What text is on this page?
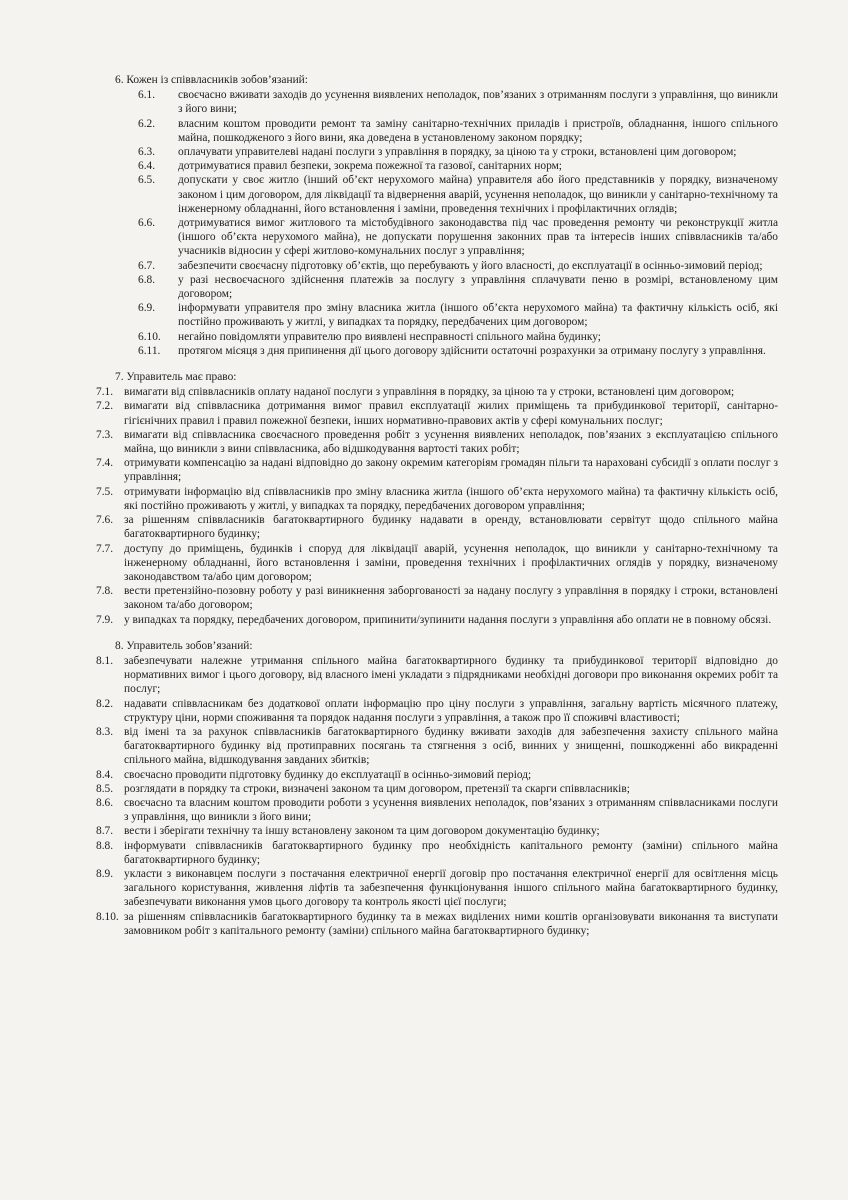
6. Кожен із співвласників зобов’язаний:
6.1.	своєчасно вживати заходів до усунення виявлених неполадок, пов’язаних з отриманням послуги з управління, що виникли з його вини;
6.2.	власним коштом проводити ремонт та заміну санітарно-технічних приладів і пристроїв, обладнання, іншого спільного майна, пошкодженого з його вини, яка доведена в установленому законом порядку;
6.3.	оплачувати управителеві надані послуги з управління в порядку, за ціною та у строки, встановлені цим договором;
6.4.	дотримуватися правил безпеки, зокрема пожежної та газової, санітарних норм;
6.5.	допускати у своє житло (інший об’єкт нерухомого майна) управителя або його представників у порядку, визначеному законом і цим договором, для ліквідації та відвернення аварій, усунення неполадок, що виникли у санітарно-технічному та інженерному обладнанні, його встановлення і заміни, проведення технічних і профілактичних оглядів;
6.6.	дотримуватися вимог житлового та містобудівного законодавства під час проведення ремонту чи реконструкції житла (іншого об’єкта нерухомого майна), не допускати порушення законних прав та інтересів інших співвласників та/або учасників відносин у сфері житлово-комунальних послуг з управління;
6.7.	забезпечити своєчасну підготовку об’єктів, що перебувають у його власності, до експлуатації в осінньо-зимовий період;
6.8.	у разі несвоєчасного здійснення платежів за послугу з управління сплачувати пеню в розмірі, встановленому цим договором;
6.9.	інформувати управителя про зміну власника житла (іншого об’єкта нерухомого майна) та фактичну кількість осіб, які постійно проживають у житлі, у випадках та порядку, передбачених цим договором;
6.10.	негайно повідомляти управителю про виявлені несправності спільного майна будинку;
6.11.	протягом місяця з дня припинення дії цього договору здійснити остаточні розрахунки за отриману послугу з управління.
7. Управитель має право:
7.1. вимагати від співвласників оплату наданої послуги з управління в порядку, за ціною та у строки, встановлені цим договором;
7.2. вимагати від співвласника дотримання вимог правил експлуатації жилих приміщень та прибудинкової території, санітарно-гігієнічних правил і правил пожежної безпеки, інших нормативно-правових актів у сфері комунальних послуг;
7.3. вимагати від співвласника своєчасного проведення робіт з усунення виявлених неполадок, пов’язаних з експлуатацією спільного майна, що виникли з вини співвласника, або відшкодування вартості таких робіт;
7.4. отримувати компенсацію за надані відповідно до закону окремим категоріям громадян пільги та нараховані субсидії з оплати послуг з управління;
7.5. отримувати інформацію від співвласників про зміну власника житла (іншого об’єкта нерухомого майна) та фактичну кількість осіб, які постійно проживають у житлі, у випадках та порядку, передбачених договором управління;
7.6. за рішенням співвласників багатоквартирного будинку надавати в оренду, встановлювати сервітут щодо спільного майна багатоквартирного будинку;
7.7. доступу до приміщень, будинків і споруд для ліквідації аварій, усунення неполадок, що виникли у санітарно-технічному та інженерному обладнанні, його встановлення і заміни, проведення технічних і профілактичних оглядів у порядку, визначеному законодавством та/або цим договором;
7.8. вести претензійно-позовну роботу у разі виникнення заборгованості за надану послугу з управління в порядку і строки, встановлені законом та/або договором;
7.9. у випадках та порядку, передбачених договором, припинити/зупинити надання послуги з управління або оплати не в повному обсязі.
8. Управитель зобов’язаний:
8.1. забезпечувати належне утримання спільного майна багатоквартирного будинку та прибудинкової території відповідно до нормативних вимог і цього договору, від власного імені укладати з підрядниками необхідні договори про виконання окремих робіт та послуг;
8.2. надавати співвласникам без додаткової оплати інформацію про ціну послуги з управління, загальну вартість місячного платежу, структуру ціни, норми споживання та порядок надання послуги з управління, а також про її споживчі властивості;
8.3. від імені та за рахунок співвласників багатоквартирного будинку вживати заходів для забезпечення захисту спільного майна багатоквартирного будинку від протиправних посягань та стягнення з осіб, винних у знищенні, пошкодженні або викраденні спільного майна, відшкодування завданих збитків;
8.4. своєчасно проводити підготовку будинку до експлуатації в осінньо-зимовий період;
8.5. розглядати в порядку та строки, визначені законом та цим договором, претензії та скарги співвласників;
8.6. своєчасно та власним коштом проводити роботи з усунення виявлених неполадок, пов’язаних з отриманням співвласниками послуги з управління, що виникли з його вини;
8.7. вести і зберігати технічну та іншу встановлену законом та цим договором документацію будинку;
8.8. інформувати співвласників багатоквартирного будинку про необхідність капітального ремонту (заміни) спільного майна багатоквартирного будинку;
8.9. укласти з виконавцем послуги з постачання електричної енергії договір про постачання електричної енергії для освітлення місць загального користування, живлення ліфтів та забезпечення функціонування іншого спільного майна багатоквартирного будинку, забезпечувати виконання умов цього договору та контроль якості цієї послуги;
8.10. за рішенням співвласників багатоквартирного будинку та в межах виділених ними коштів організовувати виконання та виступати замовником робіт з капітального ремонту (заміни) спільного майна багатоквартирного будинку;
